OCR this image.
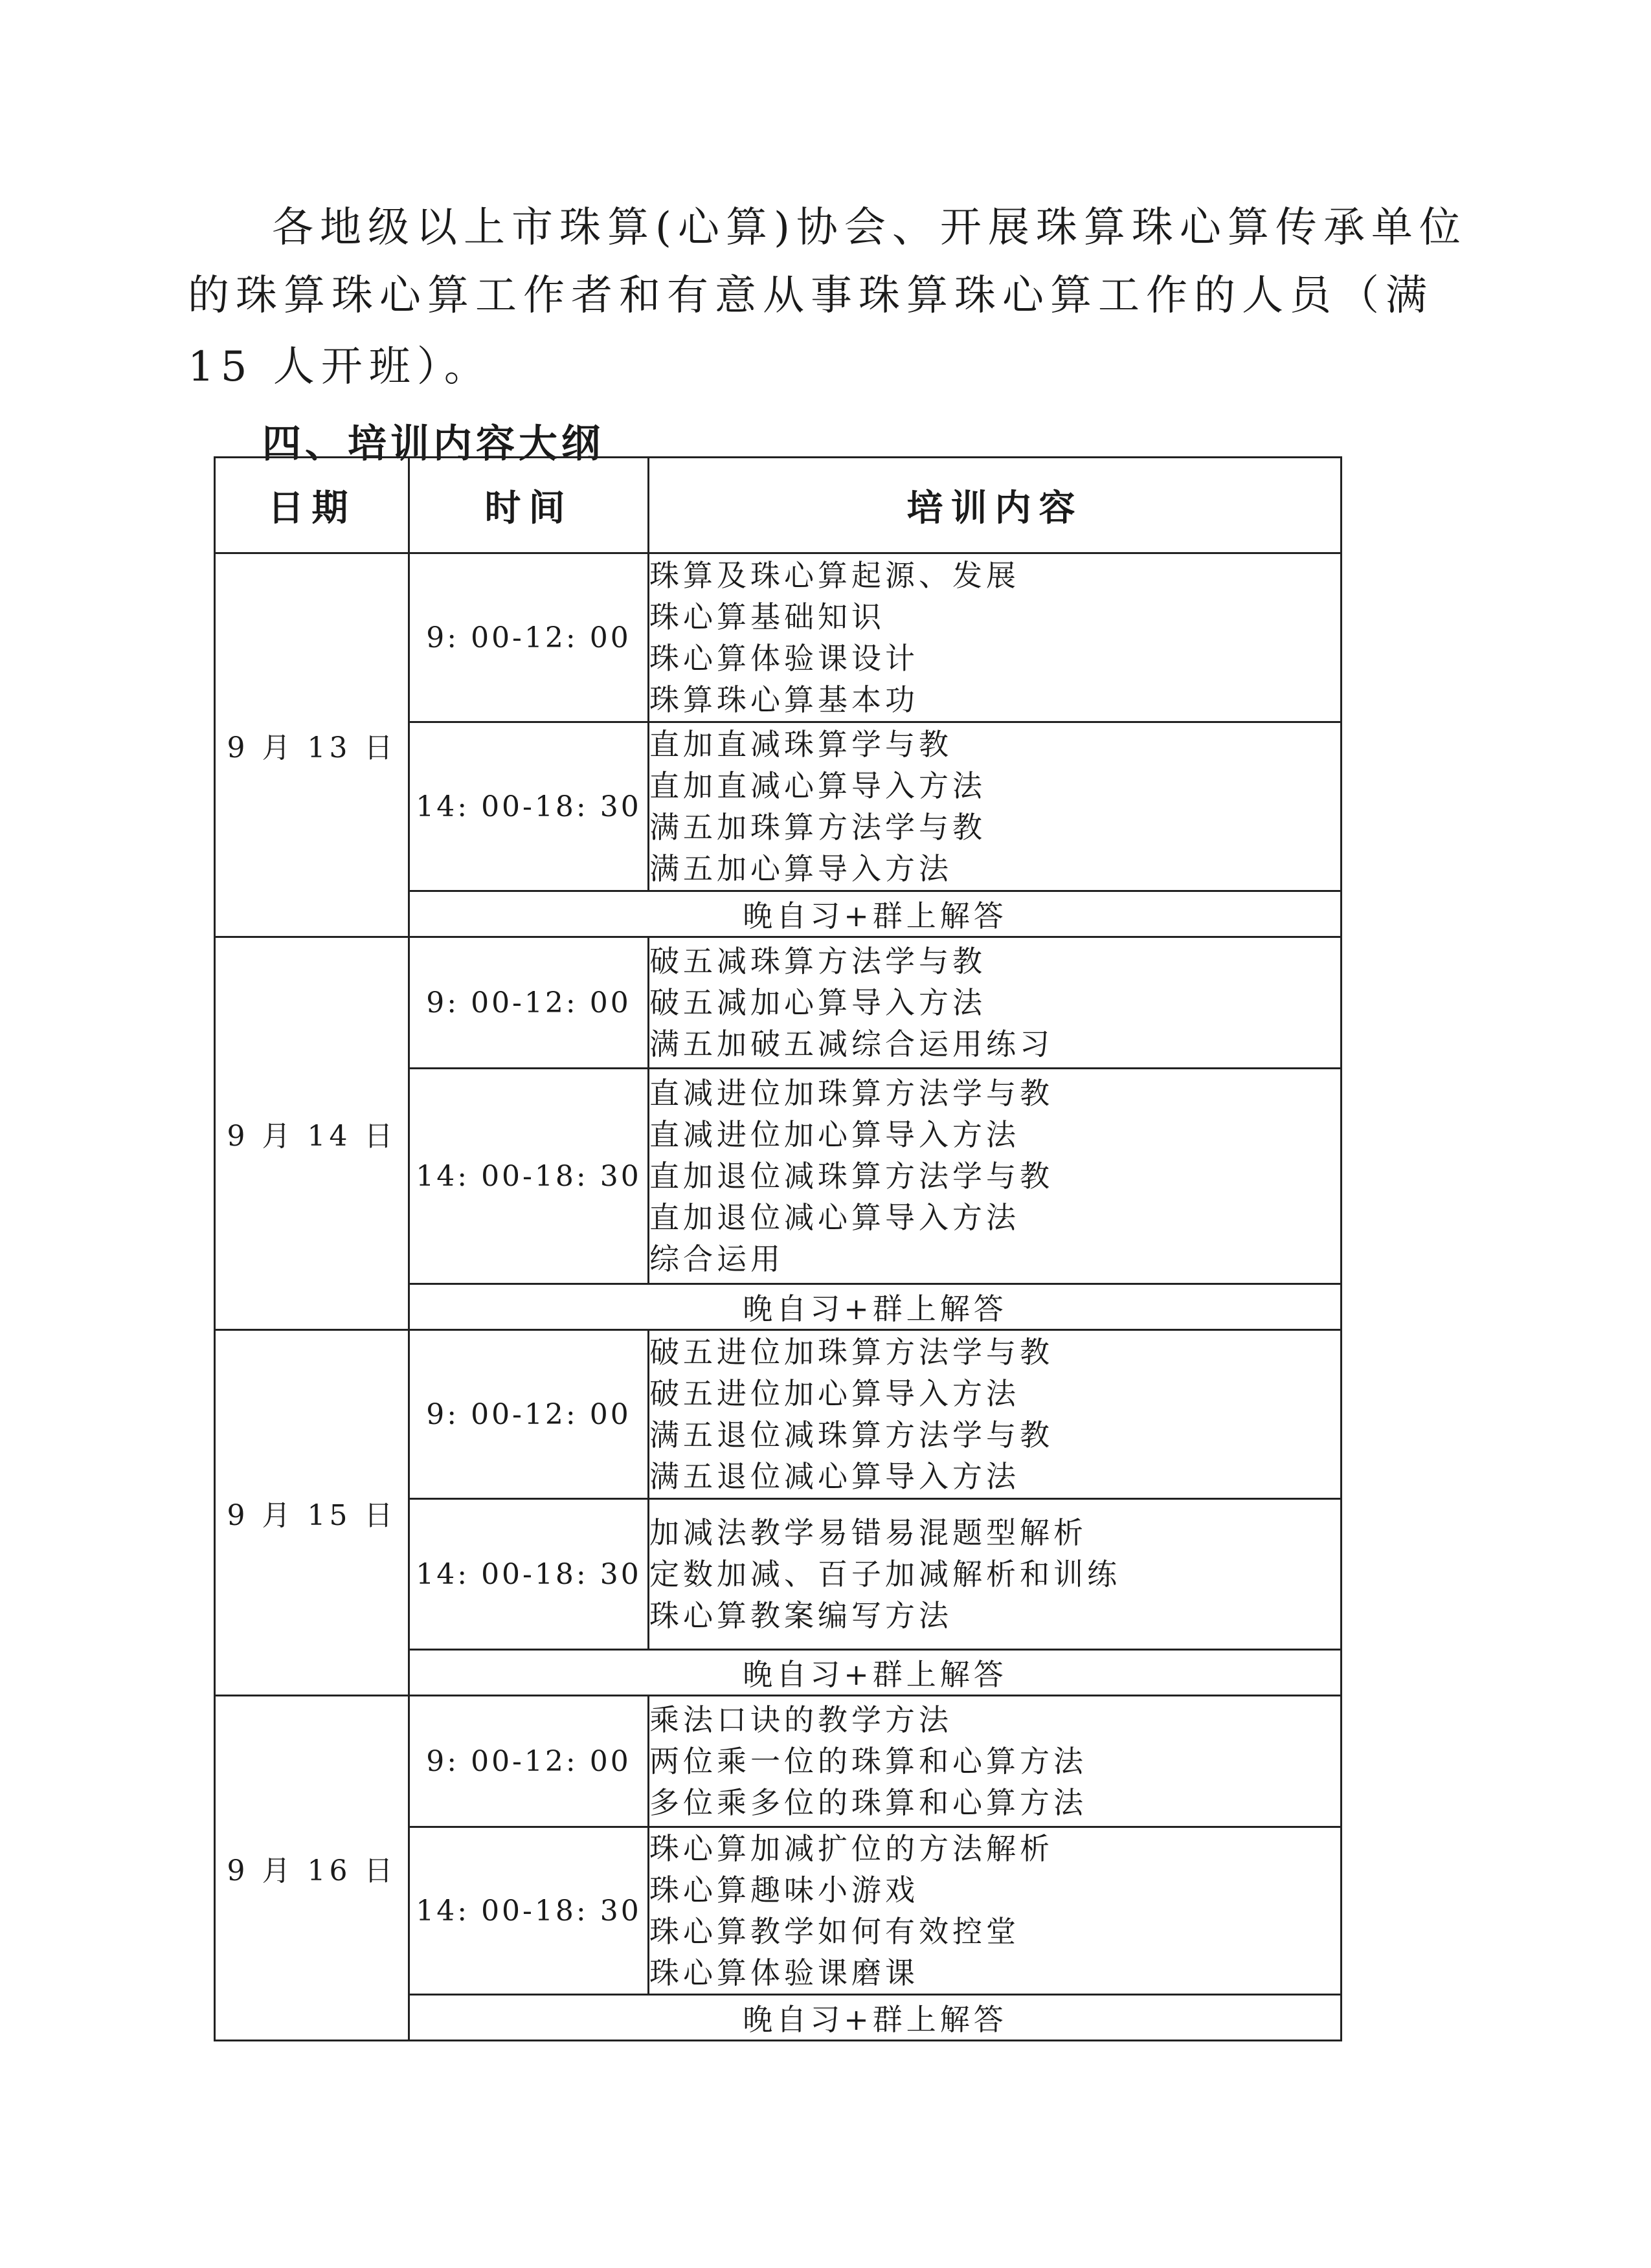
各地级以上市珠算(心算)协会、开展珠算珠心算传承单位
的珠算珠心算工作者和有意从事珠算珠心算工作的人员（满
15 人开班）。
四、培训内容大纲
日期	时间	培训内容
9 月 13 日	9: 00-12: 00	珠算及珠心算起源、发展
珠心算基础知识
珠心算体验课设计
珠算珠心算基本功

	14: 00-18: 30	直加直减珠算学与教
直加直减心算导入方法
满五加珠算方法学与教
满五加心算导入方法

	晚自习+群上解答	
9 月 14 日	9: 00-12: 00	破五减珠算方法学与教
破五减加心算导入方法
满五加破五减综合运用练习

	14: 00-18: 30	直减进位加珠算方法学与教
直减进位加心算导入方法
直加退位减珠算方法学与教
直加退位减心算导入方法
综合运用

	晚自习+群上解答	
9 月 15 日	9: 00-12: 00	破五进位加珠算方法学与教
破五进位加心算导入方法
满五退位减珠算方法学与教
满五退位减心算导入方法

	14: 00-18: 30	加减法教学易错易混题型解析
定数加减、百子加减解析和训练
珠心算教案编写方法

	晚自习+群上解答	
9 月 16 日	9: 00-12: 00	乘法口诀的教学方法
两位乘一位的珠算和心算方法
多位乘多位的珠算和心算方法

	14: 00-18: 30	珠心算加减扩位的方法解析
珠心算趣味小游戏
珠心算教学如何有效控堂
珠心算体验课磨课

	晚自习+群上解答	
